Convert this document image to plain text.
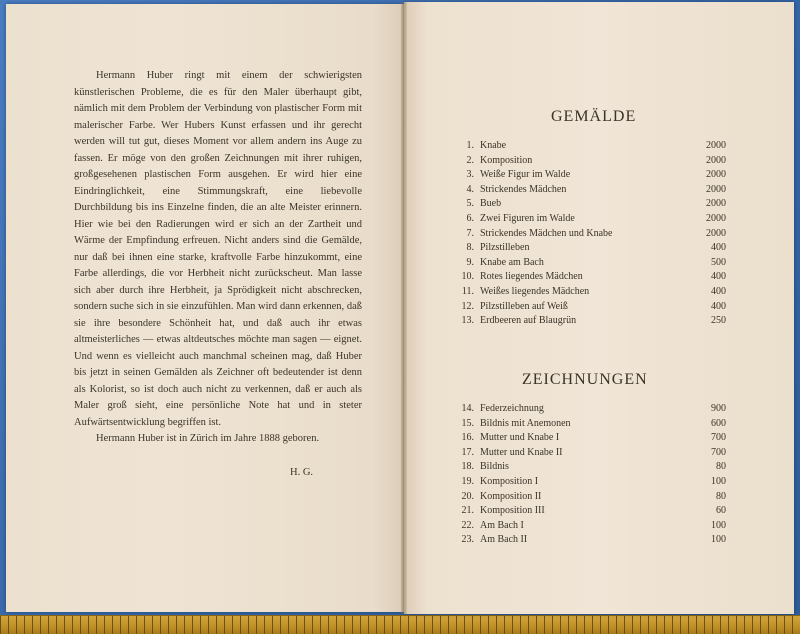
Hermann Huber ringt mit einem der schwierigsten künstlerischen Probleme, die es für den Maler überhaupt gibt, nämlich mit dem Problem der Verbindung von plastischer Form mit malerischer Farbe. Wer Hubers Kunst erfassen und ihr gerecht werden will tut gut, dieses Moment vor allem andern ins Auge zu fassen. Er möge von den großen Zeichnungen mit ihrer ruhigen, großgesehenen plastischen Form ausgehen. Er wird hier eine Eindringlichkeit, eine Stimmungskraft, eine liebevolle Durchbildung bis ins Einzelne finden, die an alte Meister erinnern. Hier wie bei den Radierungen wird er sich an der Zartheit und Wärme der Empfindung erfreuen. Nicht anders sind die Gemälde, nur daß bei ihnen eine starke, kraftvolle Farbe hinzukommt, eine Farbe allerdings, die vor Herbheit nicht zurückscheut. Man lasse sich aber durch ihre Herbheit, ja Sprödigkeit nicht abschrecken, sondern suche sich in sie einzufühlen. Man wird dann erkennen, daß sie ihre besondere Schönheit hat, und daß auch ihr etwas altmeisterliches — etwas altdeutsches möchte man sagen — eignet. Und wenn es vielleicht auch manchmal scheinen mag, daß Huber bis jetzt in seinen Gemälden als Zeichner oft bedeutender ist denn als Kolorist, so ist doch auch nicht zu verkennen, daß er auch als Maler groß sieht, eine persönliche Note hat und in steter Aufwärtsentwicklung begriffen ist.

Hermann Huber ist in Zürich im Jahre 1888 geboren.

H. G.
GEMÄLDE
1. Knabe	2000
2. Komposition	2000
3. Weiße Figur im Walde	2000
4. Strickendes Mädchen	2000
5. Bueb	2000
6. Zwei Figuren im Walde	2000
7. Strickendes Mädchen und Knabe	2000
8. Pilzstilleben	400
9. Knabe am Bach	500
10. Rotes liegendes Mädchen	400
11. Weißes liegendes Mädchen	400
12. Pilzstilleben auf Weiß	400
13. Erdbeeren auf Blaugrün	250
ZEICHNUNGEN
14. Federzeichnung	900
15. Bildnis mit Anemonen	600
16. Mutter und Knabe I	700
17. Mutter und Knabe II	700
18. Bildnis	80
19. Komposition I	100
20. Komposition II	80
21. Komposition III	60
22. Am Bach I	100
23. Am Bach II	100
